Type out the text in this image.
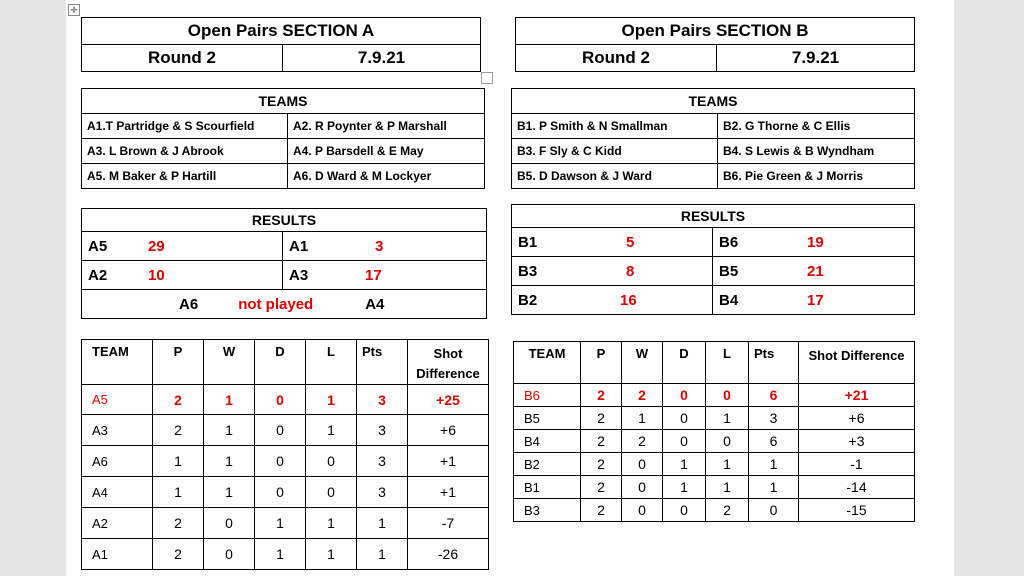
✛
Open Pairs SECTION A
Round 2	7.9.21
Open Pairs SECTION B
Round 2	7.9.21
TEAMS	
A1.T Partridge & S Scourfield	A2. R Poynter & P Marshall
A3. L Brown & J Abrook	A4. P Barsdell & E May
A5. M Baker & P Hartill	A6. D Ward & M Lockyer
TEAMS	
B1. P Smith & N Smallman	B2. G Thorne & C Ellis
B3. F Sly & C Kidd	B4. S Lewis & B Wyndham
B5. D Dawson & J Ward	B6. Pie Green & J Morris
RESULTS	

A5 29	A1 3

A2 10	A3 17

A6 not played A4	
RESULTS	

B1 5	B6 19

B3 8	B5 21

B2 16	B4 17
TEAM	P	W	D	L	Pts	Shot Difference
A5	2	1	0	1	3	+25
A3	2	1	0	1	3	+6
A6	1	1	0	0	3	+1
A4	1	1	0	0	3	+1
A2	2	0	1	1	1	-7
A1	2	0	1	1	1	-26
TEAM	P	W	D	L	Pts	Shot Difference
B6	2	2	0	0	6	+21
B5	2	1	0	1	3	+6
B4	2	2	0	0	6	+3
B2	2	0	1	1	1	-1
B1	2	0	1	1	1	-14
B3	2	0	0	2	0	-15
